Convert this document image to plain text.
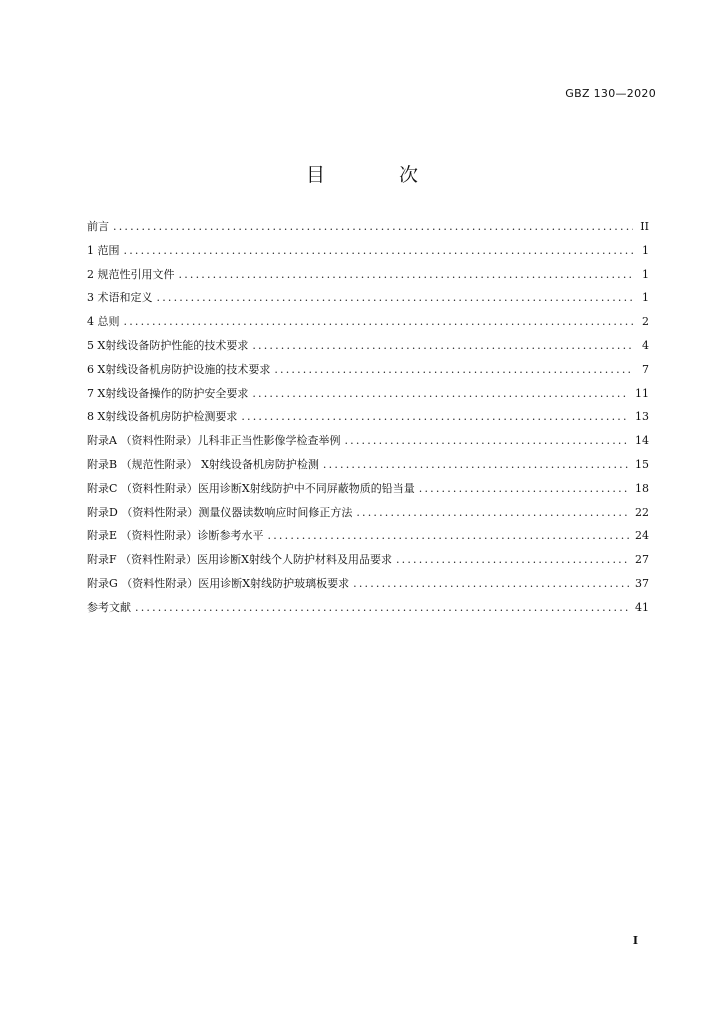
GBZ 130—2020
目 次
前言 .....	II
1 范围 .....	1
2 规范性引用文件 .....	1
3 术语和定义 .....	1
4 总则 .....	2
5 X射线设备防护性能的技术要求 .....	4
6 X射线设备机房防护设施的技术要求 .....	7
7 X射线设备操作的防护安全要求 .....	11
8 X射线设备机房防护检测要求 .....	13
附录A （资料性附录）儿科非正当性影像学检查举例 .....	14
附录B （规范性附录） X射线设备机房防护检测 .....	15
附录C （资料性附录）医用诊断X射线防护中不同屏蔽物质的铅当量 .....	18
附录D （资料性附录）测量仪器读数响应时间修正方法 .....	22
附录E （资料性附录）诊断参考水平 .....	24
附录F （资料性附录）医用诊断X射线个人防护材料及用品要求 .....	27
附录G （资料性附录）医用诊断X射线防护玻璃板要求 .....	37
参考文献 .....	41
I
